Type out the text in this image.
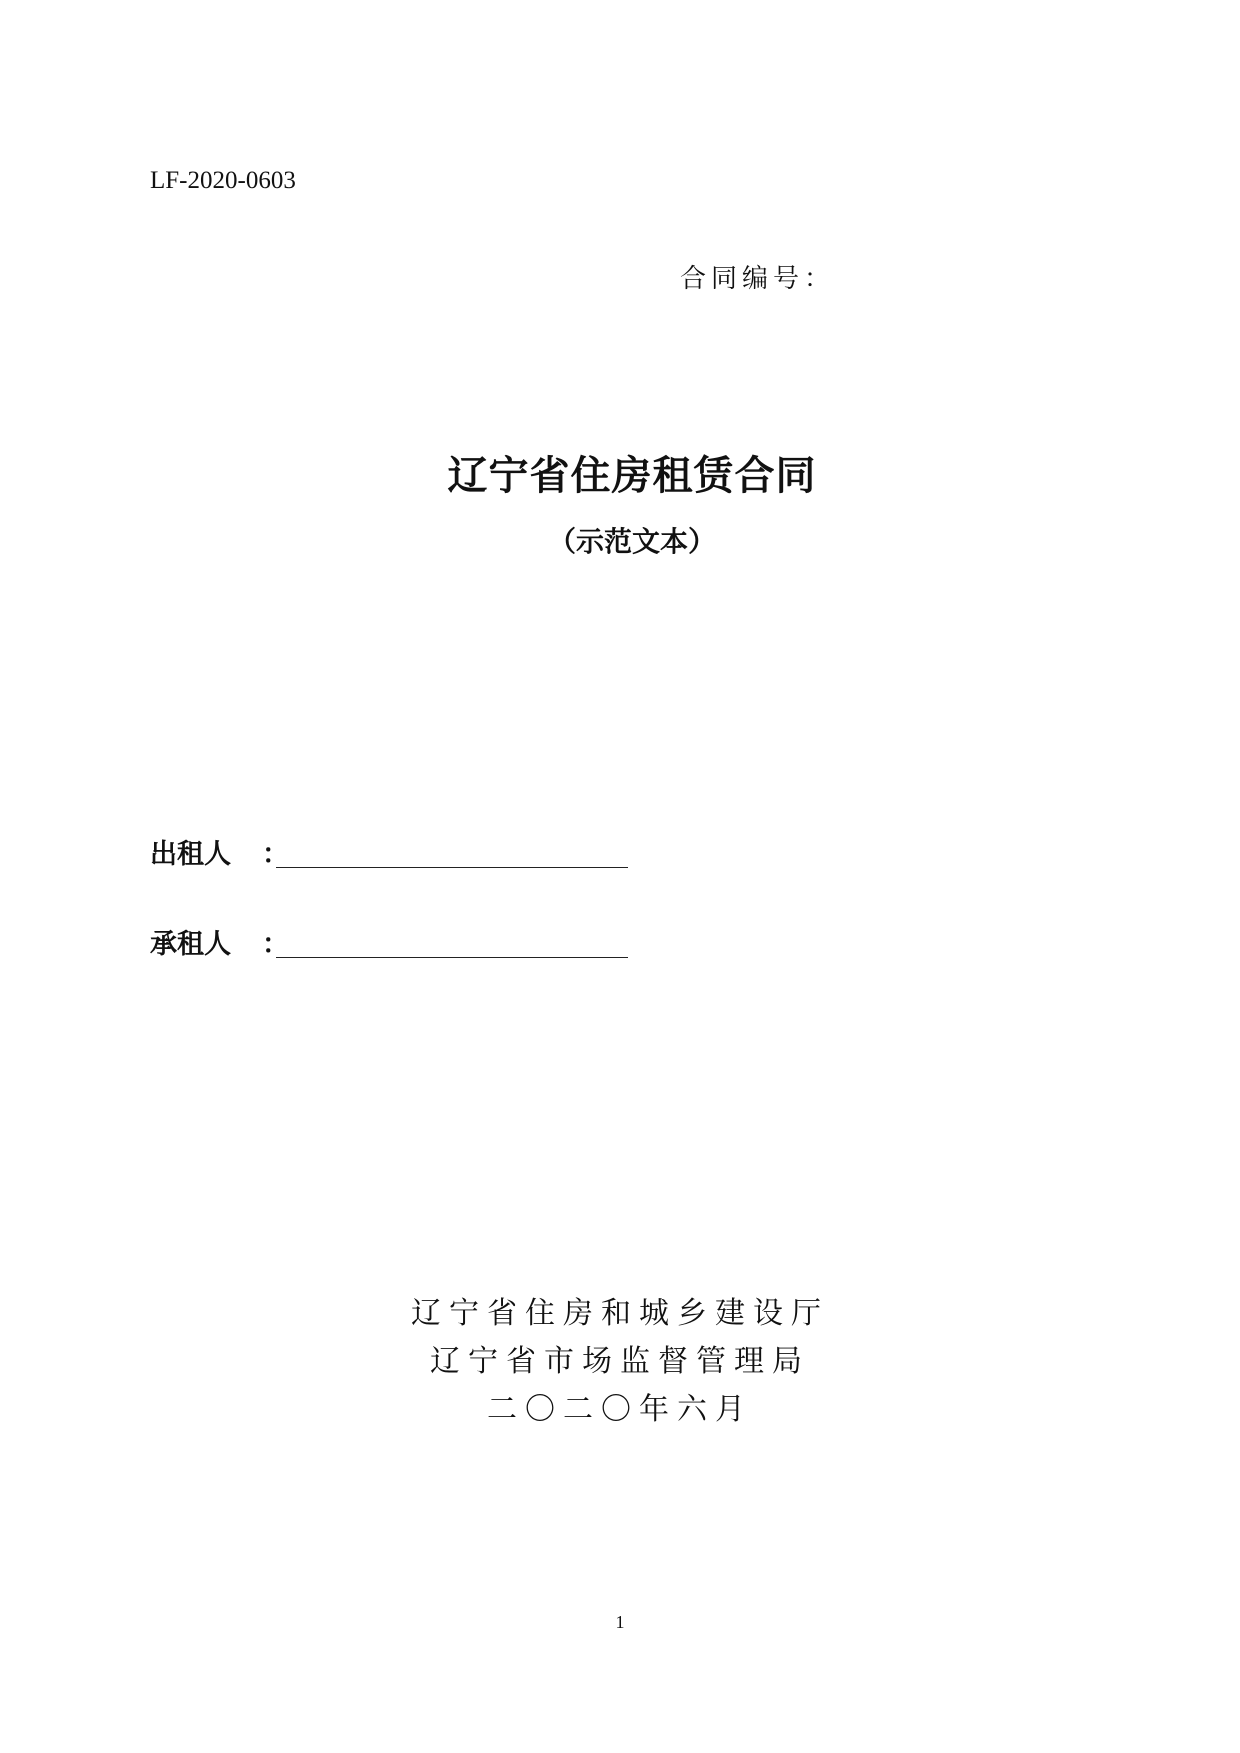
LF-2020-0603
合同编号：
辽宁省住房租赁合同
（示范文本）
出租人	：
承租人	：
辽宁省住房和城乡建设厅
辽宁省市场监督管理局
二〇二〇年六月
1
